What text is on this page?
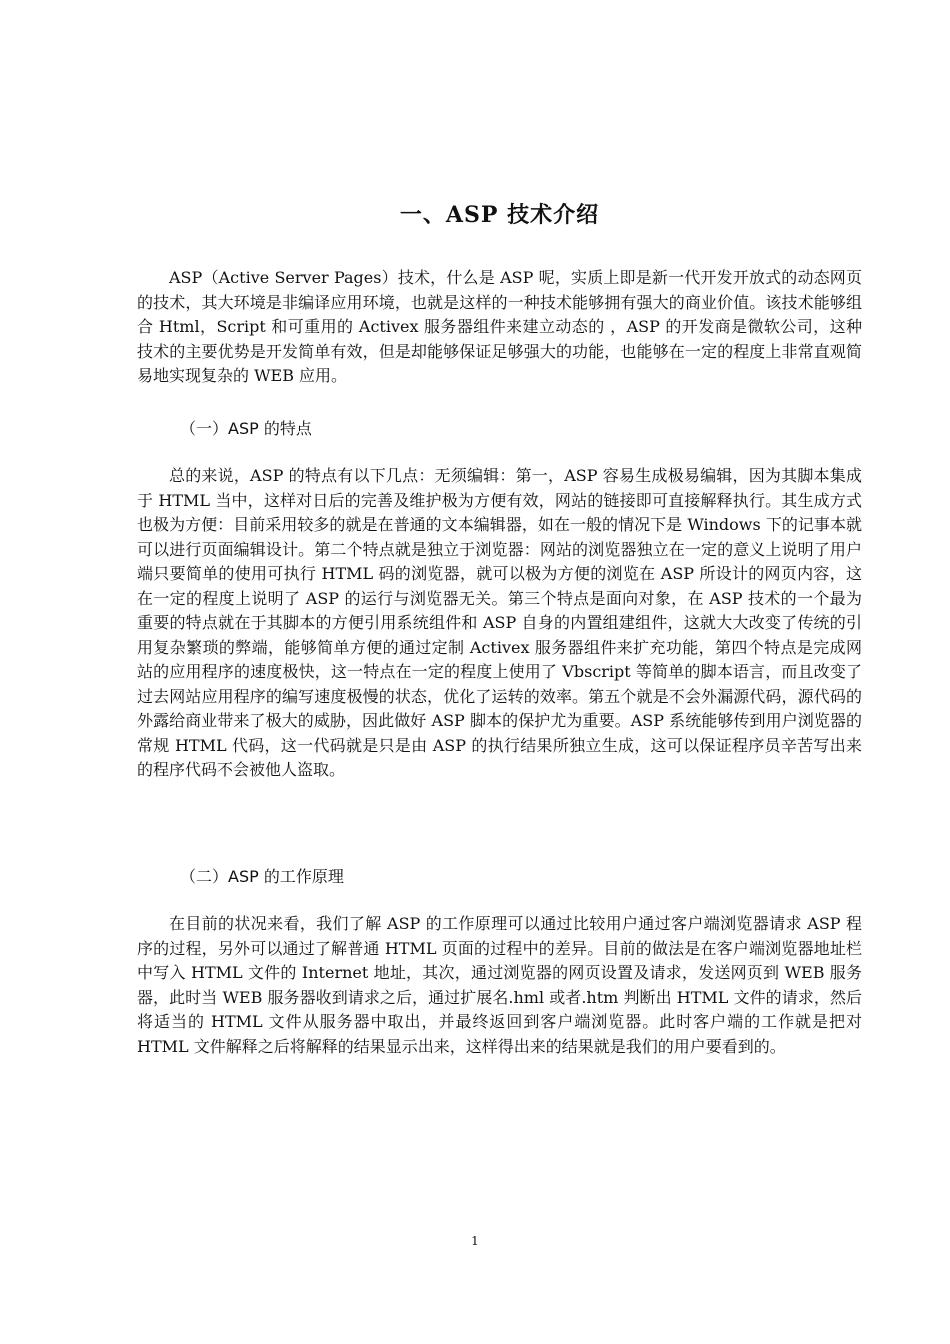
一、ASP 技术介绍

ASP（Active Server Pages）技术，什么是 ASP 呢，实质上即是新一代开发开放式的动态网页的技术，其大环境是非编译应用环境，也就是这样的一种技术能够拥有强大的商业价值。该技术能够组合 Html，Script 和可重用的 Activex 服务器组件来建立动态的 ，ASP 的开发商是微软公司，这种技术的主要优势是开发简单有效，但是却能够保证足够强大的功能，也能够在一定的程度上非常直观简易地实现复杂的 WEB 应用。

（一）ASP 的特点

总的来说，ASP 的特点有以下几点：无须编辑：第一，ASP 容易生成极易编辑，因为其脚本集成于 HTML 当中，这样对日后的完善及维护极为方便有效，网站的链接即可直接解释执行。其生成方式也极为方便：目前采用较多的就是在普通的文本编辑器，如在一般的情况下是 Windows 下的记事本就可以进行页面编辑设计。第二个特点就是独立于浏览器：网站的浏览器独立在一定的意义上说明了用户端只要简单的使用可执行 HTML 码的浏览器，就可以极为方便的浏览在 ASP 所设计的网页内容，这在一定的程度上说明了 ASP 的运行与浏览器无关。第三个特点是面向对象，在 ASP 技术的一个最为重要的特点就在于其脚本的方便引用系统组件和 ASP 自身的内置组建组件，这就大大改变了传统的引用复杂繁琐的弊端，能够简单方便的通过定制 Activex 服务器组件来扩充功能，第四个特点是完成网站的应用程序的速度极快，这一特点在一定的程度上使用了 Vbscript 等简单的脚本语言，而且改变了过去网站应用程序的编写速度极慢的状态，优化了运转的效率。第五个就是不会外漏源代码，源代码的外露给商业带来了极大的威胁，因此做好 ASP 脚本的保护尤为重要。ASP 系统能够传到用户浏览器的常规 HTML 代码，这一代码就是只是由 ASP 的执行结果所独立生成，这可以保证程序员辛苦写出来的程序代码不会被他人盗取。

（二）ASP 的工作原理

在目前的状况来看，我们了解 ASP 的工作原理可以通过比较用户通过客户端浏览器请求 ASP 程序的过程，另外可以通过了解普通 HTML 页面的过程中的差异。目前的做法是在客户端浏览器地址栏中写入 HTML 文件的 Internet 地址，其次，通过浏览器的网页设置及请求，发送网页到 WEB 服务器，此时当 WEB 服务器收到请求之后，通过扩展名.hml 或者.htm 判断出 HTML 文件的请求，然后将适当的 HTML 文件从服务器中取出，并最终返回到客户端浏览器。此时客户端的工作就是把对 HTML 文件解释之后将解释的结果显示出来，这样得出来的结果就是我们的用户要看到的。

1
